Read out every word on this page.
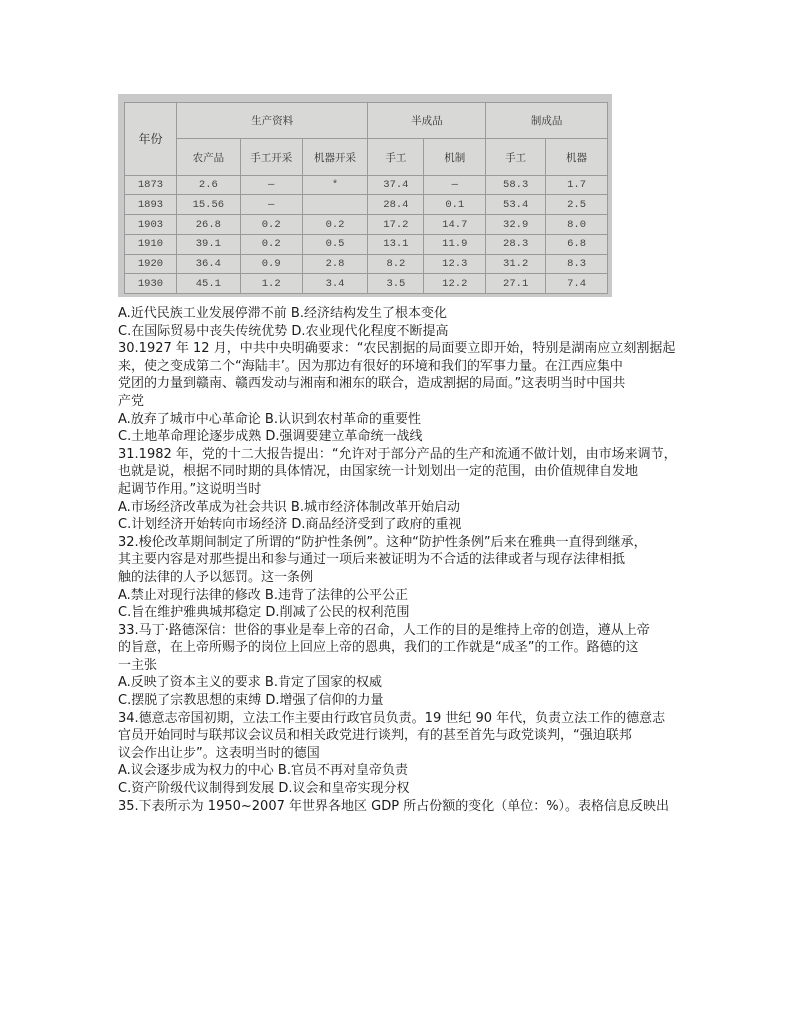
年份	生产资料			半成品		制成品	
	农产品	手工开采	机器开采	手工	机制	手工	机器
1873	2.6	—	*	37.4	—	58.3	1.7
1893	15.56	—		28.4	0.1	53.4	2.5
1903	26.8	0.2	0.2	17.2	14.7	32.9	8.0
1910	39.1	0.2	0.5	13.1	11.9	28.3	6.8
1920	36.4	0.9	2.8	8.2	12.3	31.2	8.3
1930	45.1	1.2	3.4	3.5	12.2	27.1	7.4

A.近代民族工业发展停滞不前 B.经济结构发生了根本变化

C.在国际贸易中丧失传统优势 D.农业现代化程度不断提高

30.1927 年 12 月，中共中央明确要求：“农民割据的局面要立即开始，特别是湖南应立刻割据起

来，使之变成第二个“海陆丰’。因为那边有很好的环境和我们的军事力量。在江西应集中

党团的力量到赣南、赣西发动与湘南和湘东的联合，造成割据的局面。”这表明当时中国共

产党

A.放弃了城市中心革命论 B.认识到农村革命的重要性

C.土地革命理论逐步成熟 D.强调要建立革命统一战线

31.1982 年，党的十二大报告提出：“允许对于部分产品的生产和流通不做计划，由市场来调节，

也就是说，根据不同时期的具体情况，由国家统一计划划出一定的范围，由价值规律自发地

起调节作用。”这说明当时

A.市场经济改革成为社会共识 B.城市经济体制改革开始启动

C.计划经济开始转向市场经济 D.商品经济受到了政府的重视

32.梭伦改革期间制定了所谓的“防护性条例”。这种“防护性条例”后来在雅典一直得到继承，

其主要内容是对那些提出和参与通过一项后来被证明为不合适的法律或者与现存法律相抵

触的法律的人予以惩罚。这一条例

A.禁止对现行法律的修改 B.违背了法律的公平公正

C.旨在维护雅典城邦稳定 D.削减了公民的权利范围

33.马丁·路德深信：世俗的事业是奉上帝的召命，人工作的目的是维持上帝的创造，遵从上帝

的旨意，在上帝所赐予的岗位上回应上帝的恩典，我们的工作就是“成圣”的工作。路德的这

一主张

A.反映了资本主义的要求 B.肯定了国家的权威

C.摆脱了宗教思想的束缚 D.增强了信仰的力量

34.德意志帝国初期，立法工作主要由行政官员负责。19 世纪 90 年代，负责立法工作的德意志

官员开始同时与联邦议会议员和相关政党进行谈判，有的甚至首先与政党谈判，“强迫联邦

议会作出让步”。这表明当时的德国

A.议会逐步成为权力的中心 B.官员不再对皇帝负责

C.资产阶级代议制得到发展 D.议会和皇帝实现分权

35.下表所示为 1950~2007 年世界各地区 GDP 所占份额的变化（单位：%）。表格信息反映出
